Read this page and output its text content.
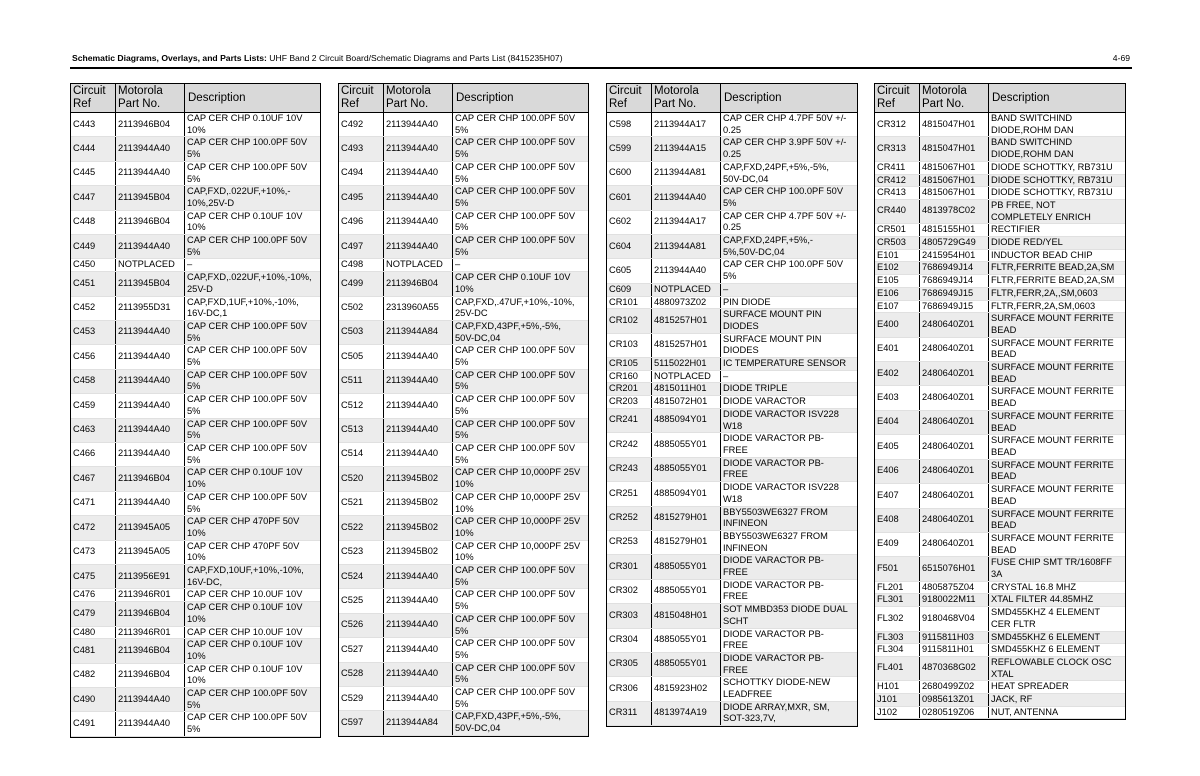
Schematic Diagrams, Overlays, and Parts Lists: UHF Band 2 Circuit Board/Schematic Diagrams and Parts List (8415235H07)	4-69
Circuit
Ref
Motorola
Part No.	Description
C443	2113946B04
CAP CER CHP 0.10UF 10V
10%
C444	2113944A40
CAP CER CHP 100.0PF 50V
5%
C445	2113944A40
CAP CER CHP 100.0PF 50V
5%
C447	2113945B04
CAP,FXD,.022UF,+10%,-
10%,25V-D
C448	2113946B04
CAP CER CHP 0.10UF 10V
10%
C449	2113944A40
CAP CER CHP 100.0PF 50V
5%
C450	NOTPLACED	–
C451	2113945B04
CAP,FXD,.022UF,+10%,-10%,
25V-D
C452	2113955D31
CAP,FXD,1UF,+10%,-10%,
16V-DC,1
C453	2113944A40
CAP CER CHP 100.0PF 50V
5%
C456	2113944A40
CAP CER CHP 100.0PF 50V
5%
C458	2113944A40
CAP CER CHP 100.0PF 50V
5%
C459	2113944A40
CAP CER CHP 100.0PF 50V
5%
C463	2113944A40
CAP CER CHP 100.0PF 50V
5%
C466	2113944A40
CAP CER CHP 100.0PF 50V
5%
C467	2113946B04
CAP CER CHP 0.10UF 10V
10%
C471	2113944A40
CAP CER CHP 100.0PF 50V
5%
C472	2113945A05
CAP CER CHP 470PF 50V
10%
C473	2113945A05
CAP CER CHP 470PF 50V
10%
C475	2113956E91
CAP,FXD,10UF,+10%,-10%,
16V-DC,
C476	2113946R01	CAP CER CHP 10.0UF 10V
C479	2113946B04
CAP CER CHP 0.10UF 10V
10%
C480	2113946R01	CAP CER CHP 10.0UF 10V
C481	2113946B04
CAP CER CHP 0.10UF 10V
10%
C482	2113946B04
CAP CER CHP 0.10UF 10V
10%
C490	2113944A40
CAP CER CHP 100.0PF 50V
5%
C491	2113944A40
CAP CER CHP 100.0PF 50V
5%
Circuit
Ref
Motorola
Part No.	Description
C492	2113944A40
CAP CER CHP 100.0PF 50V
5%
C493	2113944A40
CAP CER CHP 100.0PF 50V
5%
C494	2113944A40
CAP CER CHP 100.0PF 50V
5%
C495	2113944A40
CAP CER CHP 100.0PF 50V
5%
C496	2113944A40
CAP CER CHP 100.0PF 50V
5%
C497	2113944A40
CAP CER CHP 100.0PF 50V
5%
C498	NOTPLACED	–
C499	2113946B04
CAP CER CHP 0.10UF 10V
10%
C502	2313960A55
CAP,FXD,.47UF,+10%,-10%,
25V-DC
C503	2113944A84
CAP,FXD,43PF,+5%,-5%,
50V-DC,04
C505	2113944A40
CAP CER CHP 100.0PF 50V
5%
C511	2113944A40
CAP CER CHP 100.0PF 50V
5%
C512	2113944A40
CAP CER CHP 100.0PF 50V
5%
C513	2113944A40
CAP CER CHP 100.0PF 50V
5%
C514	2113944A40
CAP CER CHP 100.0PF 50V
5%
C520	2113945B02
CAP CER CHP 10,000PF 25V
10%
C521	2113945B02
CAP CER CHP 10,000PF 25V
10%
C522	2113945B02
CAP CER CHP 10,000PF 25V
10%
C523	2113945B02
CAP CER CHP 10,000PF 25V
10%
C524	2113944A40
CAP CER CHP 100.0PF 50V
5%
C525	2113944A40
CAP CER CHP 100.0PF 50V
5%
C526	2113944A40
CAP CER CHP 100.0PF 50V
5%
C527	2113944A40
CAP CER CHP 100.0PF 50V
5%
C528	2113944A40
CAP CER CHP 100.0PF 50V
5%
C529	2113944A40
CAP CER CHP 100.0PF 50V
5%
C597	2113944A84
CAP,FXD,43PF,+5%,-5%,
50V-DC,04
Circuit
Ref
Motorola
Part No.	Description
C598	2113944A17
CAP CER CHP 4.7PF 50V +/-
0.25
C599	2113944A15
CAP CER CHP 3.9PF 50V +/-
0.25
C600	2113944A81
CAP,FXD,24PF,+5%,-5%,
50V-DC,04
C601	2113944A40
CAP CER CHP 100.0PF 50V
5%
C602	2113944A17
CAP CER CHP 4.7PF 50V +/-
0.25
C604	2113944A81
CAP,FXD,24PF,+5%,-
5%,50V-DC,04
C605	2113944A40
CAP CER CHP 100.0PF 50V
5%
C609	NOTPLACED	–
CR101	4880973Z02	PIN DIODE
CR102	4815257H01
SURFACE MOUNT PIN
DIODES
CR103	4815257H01
SURFACE MOUNT PIN
DIODES
CR105	5115022H01	IC TEMPERATURE SENSOR
CR160	NOTPLACED	–
CR201	4815011H01	DIODE TRIPLE
CR203	4815072H01	DIODE VARACTOR
CR241	4885094Y01
DIODE VARACTOR ISV228
W18
CR242	4885055Y01
DIODE VARACTOR PB-
FREE
CR243	4885055Y01
DIODE VARACTOR PB-
FREE
CR251	4885094Y01
DIODE VARACTOR ISV228
W18
CR252	4815279H01
BBY5503WE6327 FROM
INFINEON
CR253	4815279H01
BBY5503WE6327 FROM
INFINEON
CR301	4885055Y01
DIODE VARACTOR PB-
FREE
CR302	4885055Y01
DIODE VARACTOR PB-
FREE
CR303	4815048H01
SOT MMBD353 DIODE DUAL
SCHT
CR304	4885055Y01
DIODE VARACTOR PB-
FREE
CR305	4885055Y01
DIODE VARACTOR PB-
FREE
CR306	4815923H02
SCHOTTKY DIODE-NEW
LEADFREE
CR311	4813974A19
DIODE ARRAY,MXR, SM,
SOT-323,7V,
Circuit
Ref
Motorola
Part No.	Description
CR312	4815047H01
BAND SWITCHIND
DIODE,ROHM DAN
CR313	4815047H01
BAND SWITCHIND
DIODE,ROHM DAN
CR411	4815067H01	DIODE SCHOTTKY, RB731U
CR412	4815067H01	DIODE SCHOTTKY, RB731U
CR413	4815067H01	DIODE SCHOTTKY, RB731U
CR440	4813978C02
PB FREE, NOT
COMPLETELY ENRICH
CR501	4815155H01	RECTIFIER
CR503	4805729G49	DIODE RED/YEL
E101	2415954H01	INDUCTOR BEAD CHIP
E102	7686949J14	FLTR,FERRITE BEAD,2A,SM
E105	7686949J14	FLTR,FERRITE BEAD,2A,SM
E106	7686949J15	FLTR,FERR,2A,,SM,0603
E107	7686949J15	FLTR,FERR,2A,SM,0603
E400	2480640Z01
SURFACE MOUNT FERRITE
BEAD
E401	2480640Z01
SURFACE MOUNT FERRITE
BEAD
E402	2480640Z01
SURFACE MOUNT FERRITE
BEAD
E403	2480640Z01
SURFACE MOUNT FERRITE
BEAD
E404	2480640Z01
SURFACE MOUNT FERRITE
BEAD
E405	2480640Z01
SURFACE MOUNT FERRITE
BEAD
E406	2480640Z01
SURFACE MOUNT FERRITE
BEAD
E407	2480640Z01
SURFACE MOUNT FERRITE
BEAD
E408	2480640Z01
SURFACE MOUNT FERRITE
BEAD
E409	2480640Z01
SURFACE MOUNT FERRITE
BEAD
F501	6515076H01
FUSE CHIP SMT TR/1608FF
3A
FL201	4805875Z04	CRYSTAL 16.8 MHZ
FL301	9180022M11	XTAL FILTER 44.85MHZ
FL302	9180468V04
SMD455KHZ 4 ELEMENT
CER FLTR
FL303	9115811H03	SMD455KHZ 6 ELEMENT
FL304	9115811H01	SMD455KHZ 6 ELEMENT
FL401	4870368G02
REFLOWABLE CLOCK OSC
XTAL
H101	2680499Z02	HEAT SPREADER
J101	0985613Z01	JACK, RF
J102	0280519Z06	NUT, ANTENNA
